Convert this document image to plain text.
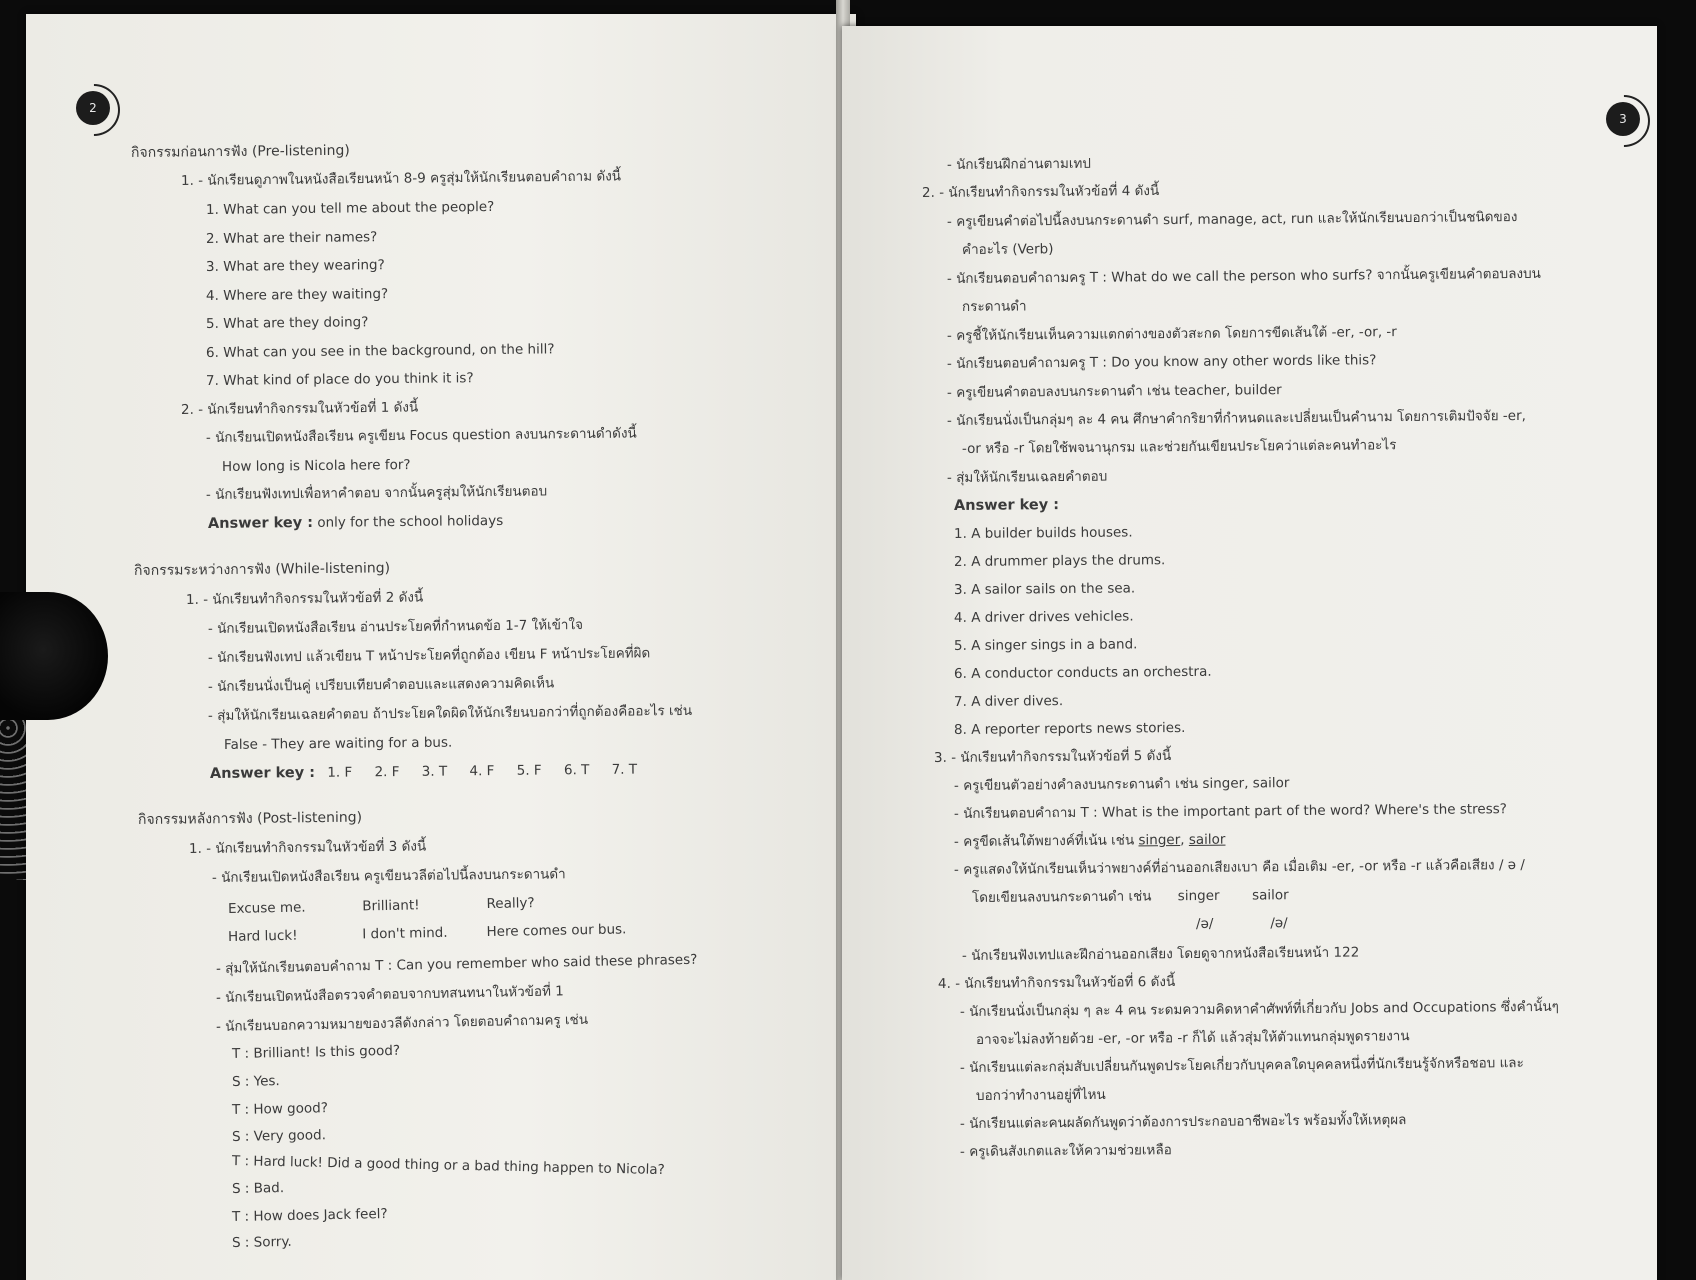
2
กิจกรรมก่อนการฟัง (Pre-listening)
1. - นักเรียนดูภาพในหนังสือเรียนหน้า 8-9 ครูสุ่มให้นักเรียนตอบคำถาม ดังนี้
1. What can you tell me about the people?
2. What are their names?
3. What are they wearing?
4. Where are they waiting?
5. What are they doing?
6. What can you see in the background, on the hill?
7. What kind of place do you think it is?
2. - นักเรียนทำกิจกรรมในหัวข้อที่ 1 ดังนี้
- นักเรียนเปิดหนังสือเรียน ครูเขียน Focus question ลงบนกระดานดำดังนี้
How long is Nicola here for?
- นักเรียนฟังเทปเพื่อหาคำตอบ จากนั้นครูสุ่มให้นักเรียนตอบ
Answer key : only for the school holidays
กิจกรรมระหว่างการฟัง (While-listening)
1. - นักเรียนทำกิจกรรมในหัวข้อที่ 2 ดังนี้
- นักเรียนเปิดหนังสือเรียน อ่านประโยคที่กำหนดข้อ 1-7 ให้เข้าใจ
- นักเรียนฟังเทป แล้วเขียน T หน้าประโยคที่ถูกต้อง เขียน F หน้าประโยคที่ผิด
- นักเรียนนั่งเป็นคู่ เปรียบเทียบคำตอบและแสดงความคิดเห็น
- สุ่มให้นักเรียนเฉลยคำตอบ ถ้าประโยคใดผิดให้นักเรียนบอกว่าที่ถูกต้องคืออะไร เช่น
False - They are waiting for a bus.
Answer key : 1. F 2. F 3. T 4. F 5. F 6. T 7. T
กิจกรรมหลังการฟัง (Post-listening)
1. - นักเรียนทำกิจกรรมในหัวข้อที่ 3 ดังนี้
- นักเรียนเปิดหนังสือเรียน ครูเขียนวลีต่อไปนี้ลงบนกระดานดำ
Excuse me.	Brilliant!	Really?
Hard luck!	I don't mind.	Here comes our bus.
- สุ่มให้นักเรียนตอบคำถาม T : Can you remember who said these phrases?
- นักเรียนเปิดหนังสือตรวจคำตอบจากบทสนทนาในหัวข้อที่ 1
- นักเรียนบอกความหมายของวลีดังกล่าว โดยตอบคำถามครู เช่น
T : Brilliant! Is this good?
S : Yes.
T : How good?
S : Very good.
T : Hard luck! Did a good thing or a bad thing happen to Nicola?
S : Bad.
T : How does Jack feel?
S : Sorry.
3
- นักเรียนฝึกอ่านตามเทป
2. - นักเรียนทำกิจกรรมในหัวข้อที่ 4 ดังนี้
- ครูเขียนคำต่อไปนี้ลงบนกระดานดำ surf, manage, act, run และให้นักเรียนบอกว่าเป็นชนิดของ
คำอะไร (Verb)
- นักเรียนตอบคำถามครู T : What do we call the person who surfs? จากนั้นครูเขียนคำตอบลงบน
กระดานดำ
- ครูชี้ให้นักเรียนเห็นความแตกต่างของตัวสะกด โดยการขีดเส้นใต้ -er, -or, -r
- นักเรียนตอบคำถามครู T : Do you know any other words like this?
- ครูเขียนคำตอบลงบนกระดานดำ เช่น teacher, builder
- นักเรียนนั่งเป็นกลุ่มๆ ละ 4 คน ศึกษาคำกริยาที่กำหนดและเปลี่ยนเป็นคำนาม โดยการเติมปัจจัย -er,
-or หรือ -r โดยใช้พจนานุกรม และช่วยกันเขียนประโยคว่าแต่ละคนทำอะไร
- สุ่มให้นักเรียนเฉลยคำตอบ
Answer key :
1. A builder builds houses.
2. A drummer plays the drums.
3. A sailor sails on the sea.
4. A driver drives vehicles.
5. A singer sings in a band.
6. A conductor conducts an orchestra.
7. A diver dives.
8. A reporter reports news stories.
3. - นักเรียนทำกิจกรรมในหัวข้อที่ 5 ดังนี้
- ครูเขียนตัวอย่างคำลงบนกระดานดำ เช่น singer, sailor
- นักเรียนตอบคำถาม T : What is the important part of the word? Where's the stress?
- ครูขีดเส้นใต้พยางค์ที่เน้น เช่น singer, sailor
- ครูแสดงให้นักเรียนเห็นว่าพยางค์ที่อ่านออกเสียงเบา คือ เมื่อเติม -er, -or หรือ -r แล้วคือเสียง / ə /
โดยเขียนลงบนกระดานดำ เช่น singer sailor
/ə/	/ə/
- นักเรียนฟังเทปและฝึกอ่านออกเสียง โดยดูจากหนังสือเรียนหน้า 122
4. - นักเรียนทำกิจกรรมในหัวข้อที่ 6 ดังนี้
- นักเรียนนั่งเป็นกลุ่ม ๆ ละ 4 คน ระดมความคิดหาคำศัพท์ที่เกี่ยวกับ Jobs and Occupations ซึ่งคำนั้นๆ
อาจจะไม่ลงท้ายด้วย -er, -or หรือ -r ก็ได้ แล้วสุ่มให้ตัวแทนกลุ่มพูดรายงาน
- นักเรียนแต่ละกลุ่มสับเปลี่ยนกันพูดประโยคเกี่ยวกับบุคคลใดบุคคลหนึ่งที่นักเรียนรู้จักหรือชอบ และ
บอกว่าทำงานอยู่ที่ไหน
- นักเรียนแต่ละคนผลัดกันพูดว่าต้องการประกอบอาชีพอะไร พร้อมทั้งให้เหตุผล
- ครูเดินสังเกตและให้ความช่วยเหลือ
